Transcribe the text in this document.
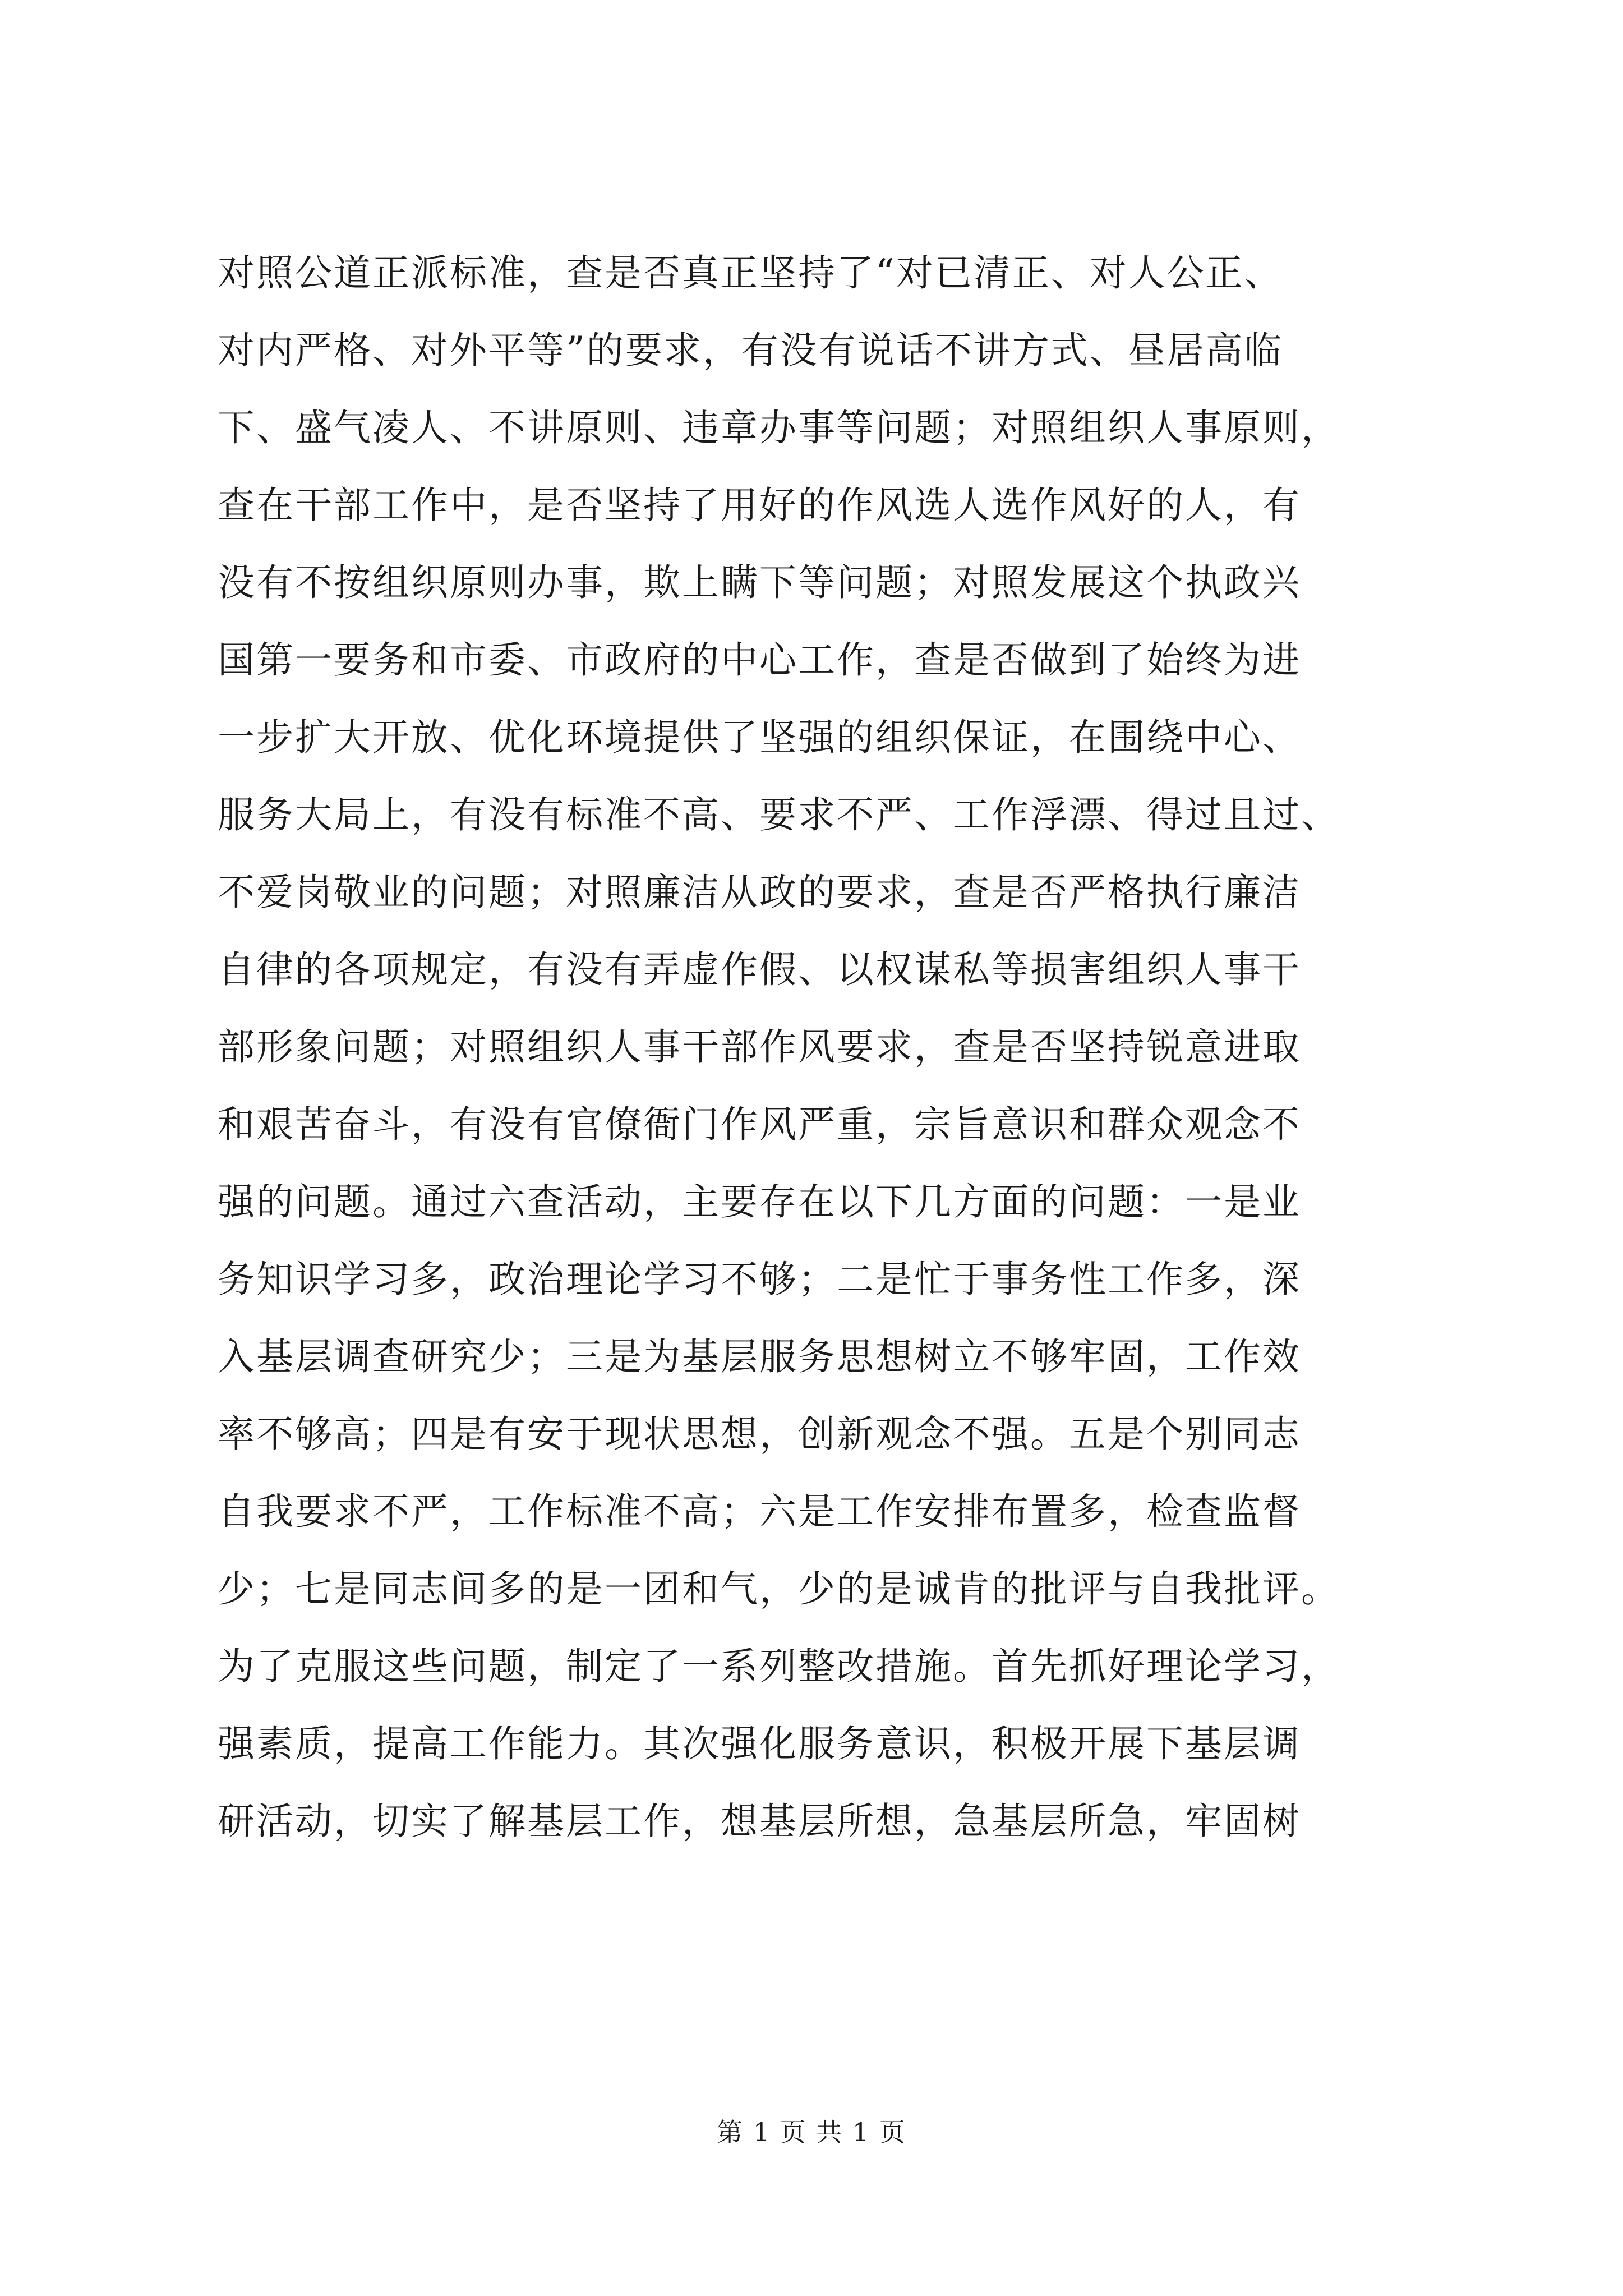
对照公道正派标准，查是否真正坚持了“对已清正、对人公正、
对内严格、对外平等”的要求，有没有说话不讲方式、昼居高临
下、盛气凌人、不讲原则、违章办事等问题；对照组织人事原则，
查在干部工作中，是否坚持了用好的作风选人选作风好的人，有
没有不按组织原则办事，欺上瞒下等问题；对照发展这个执政兴
国第一要务和市委、市政府的中心工作，查是否做到了始终为进
一步扩大开放、优化环境提供了坚强的组织保证，在围绕中心、
服务大局上，有没有标准不高、要求不严、工作浮漂、得过且过、
不爱岗敬业的问题；对照廉洁从政的要求，查是否严格执行廉洁
自律的各项规定，有没有弄虚作假、以权谋私等损害组织人事干
部形象问题；对照组织人事干部作风要求，查是否坚持锐意进取
和艰苦奋斗，有没有官僚衙门作风严重，宗旨意识和群众观念不
强的问题。通过六查活动，主要存在以下几方面的问题：一是业
务知识学习多，政治理论学习不够；二是忙于事务性工作多，深
入基层调查研究少；三是为基层服务思想树立不够牢固，工作效
率不够高；四是有安于现状思想，创新观念不强。五是个别同志
自我要求不严，工作标准不高；六是工作安排布置多，检查监督
少；七是同志间多的是一团和气，少的是诚肯的批评与自我批评。
为了克服这些问题，制定了一系列整改措施。首先抓好理论学习，
强素质，提高工作能力。其次强化服务意识，积极开展下基层调
研活动，切实了解基层工作，想基层所想，急基层所急，牢固树
第 1 页 共 1 页
